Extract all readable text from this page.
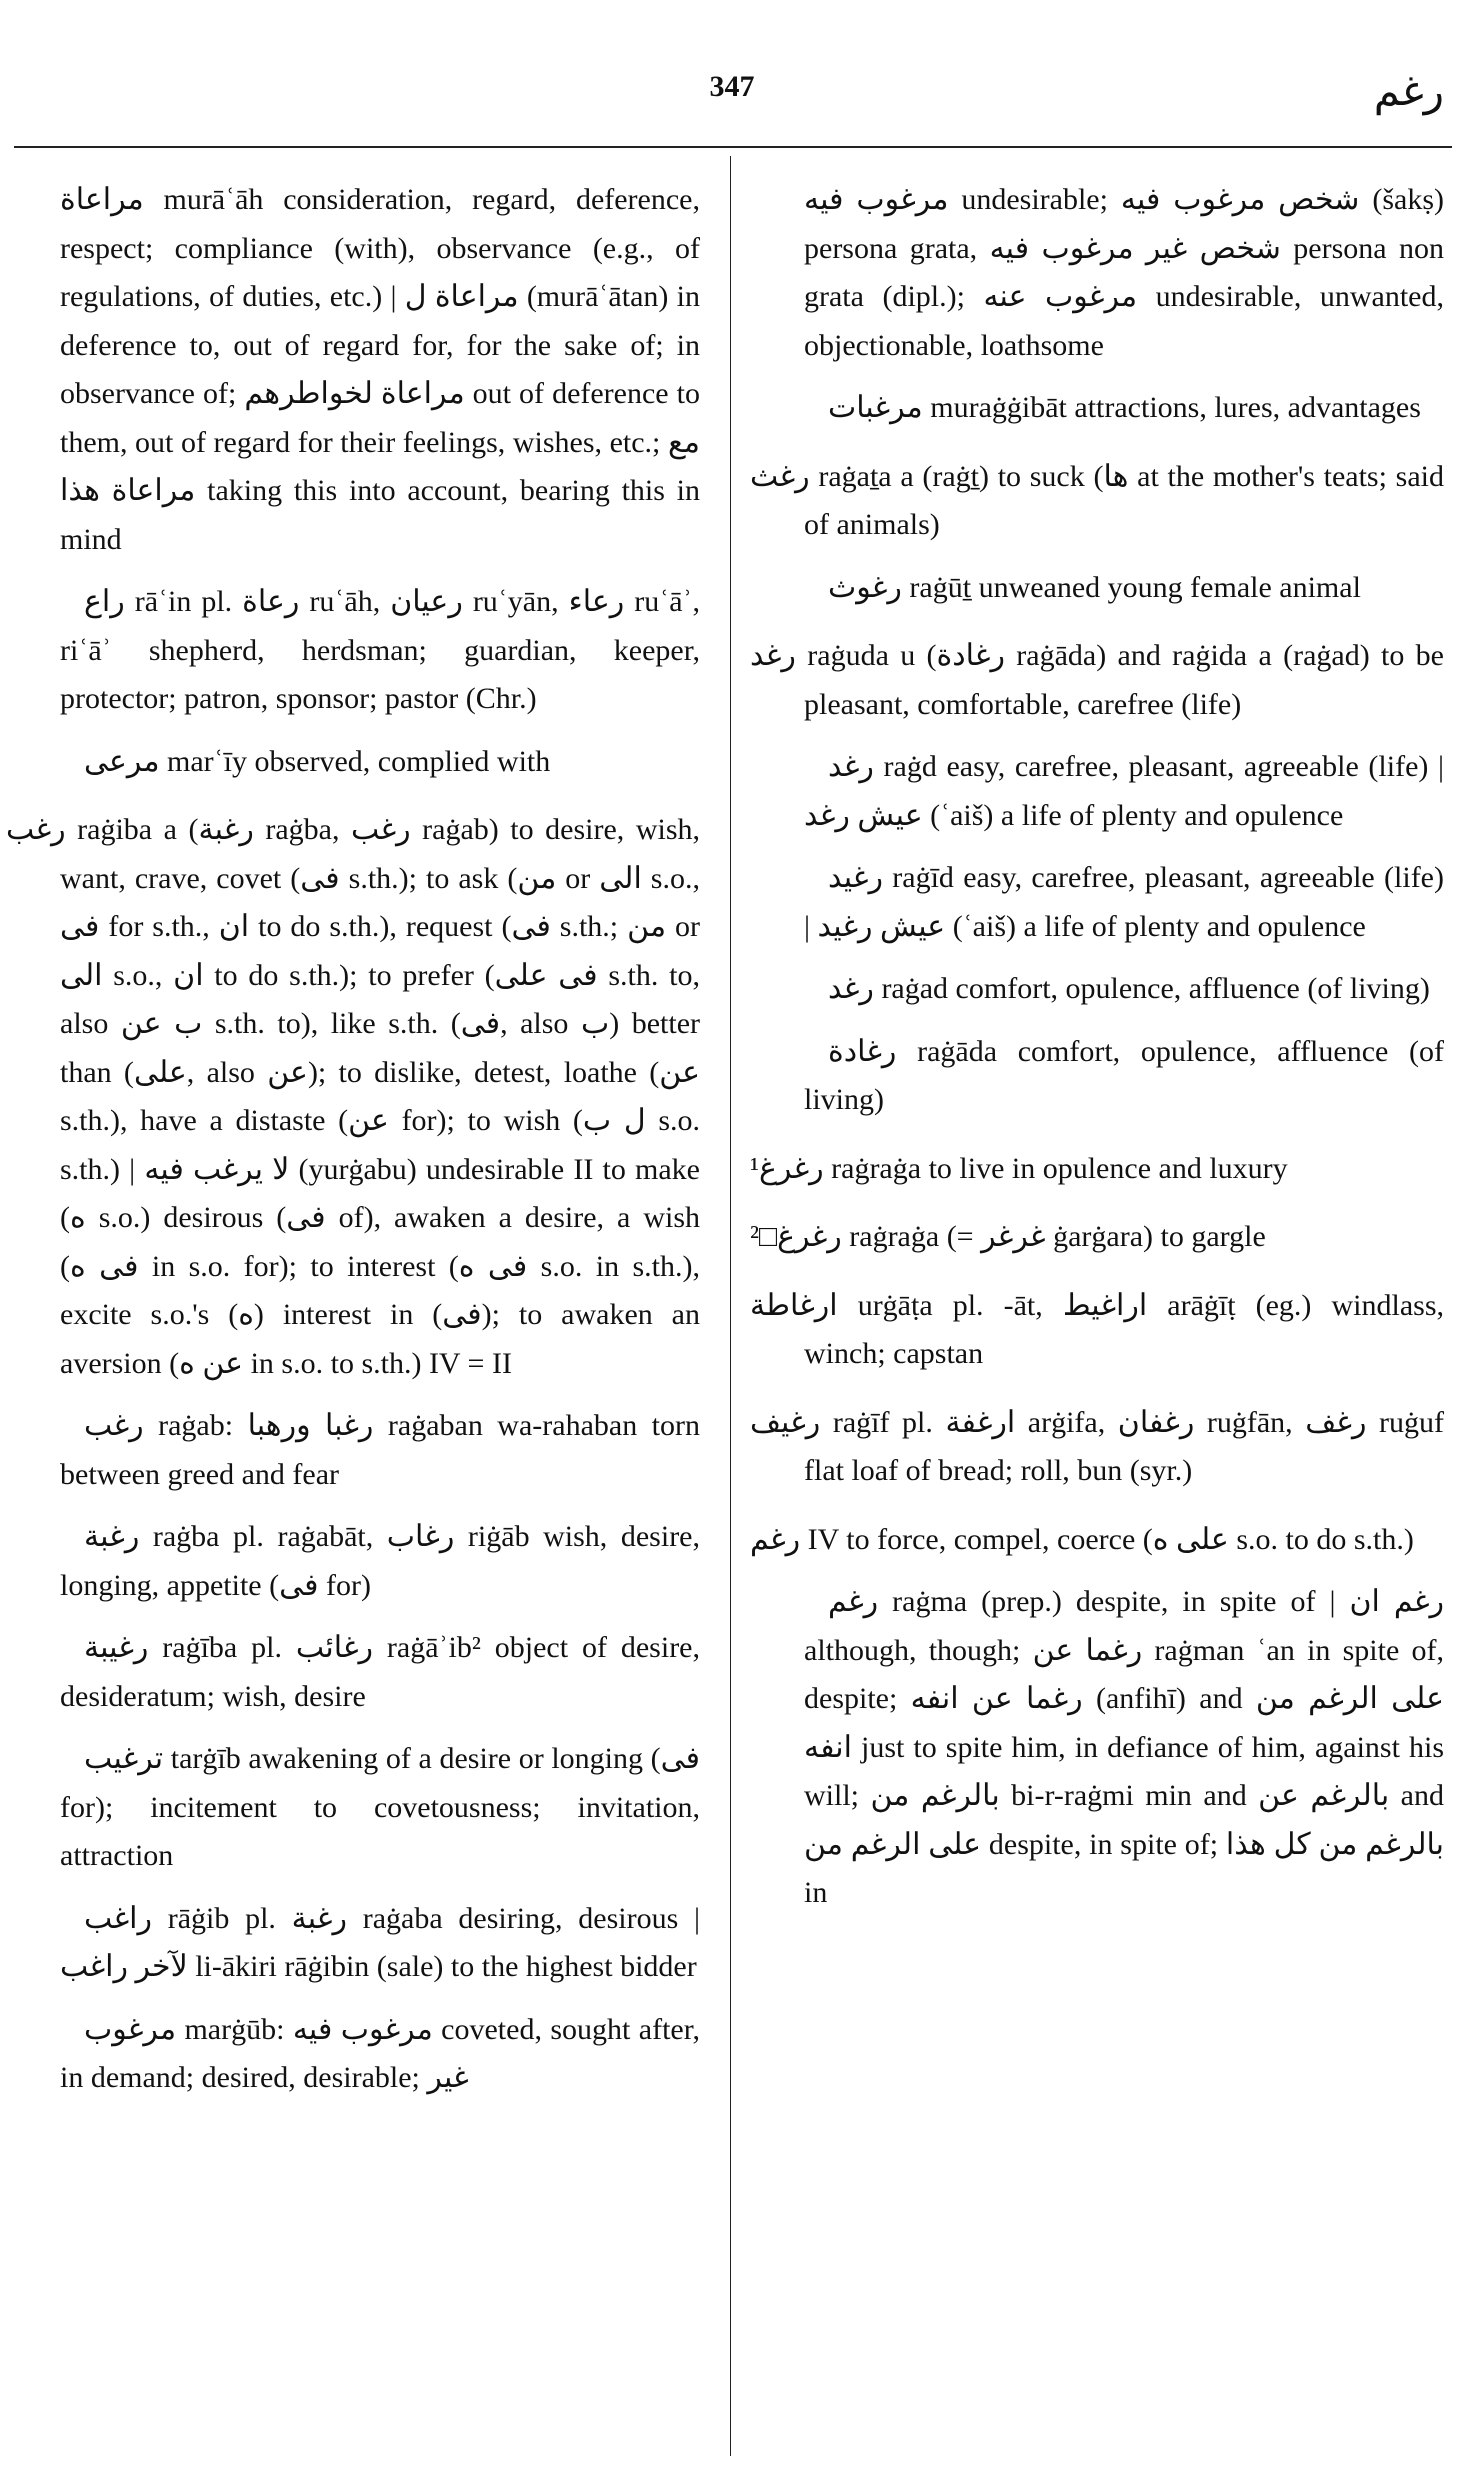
347	رغم

مراعاة murāʿāh consideration, regard, deference, respect; compliance (with), observance (e.g., of regulations, of duties, etc.) | مراعاة ل (murāʿātan) in deference to, out of regard for, for the sake of; in observance of; مراعاة لخواطرهم out of deference to them, out of regard for their feelings, wishes, etc.; مع مراعاة هذا taking this into account, bearing this in mind

راع rāʿin pl. رعاة ruʿāh, رعيان ruʿyān, رعاء ruʿāʾ, riʿāʾ shepherd, herdsman; guardian, keeper, protector; patron, sponsor; pastor (Chr.)

مرعى marʿīy observed, complied with

رغب raġiba a (رغبة raġba, رغب raġab) to desire, wish, want, crave, covet (فى s.th.); to ask (من or الى s.o., فى for s.th., ان to do s.th.), request (فى s.th.; من or الى s.o., ان to do s.th.); to prefer (فى على s.th. to, also ب عن s.th. to), like s.th. (فى, also ب) better than (على, also عن); to dislike, detest, loathe (عن s.th.), have a distaste (عن for); to wish (ل ب s.o. s.th.) | لا يرغب فيه (yurġabu) undesirable II to make (ه s.o.) desirous (فى of), awaken a desire, a wish (فى ه in s.o. for); to interest (فى ه s.o. in s.th.), excite s.o.'s (ه) interest in (فى); to awaken an aversion (عن ه in s.o. to s.th.) IV = II

رغب raġab: رغبا ورهبا raġaban wa-rahaban torn between greed and fear

رغبة raġba pl. raġabāt, رغاب riġāb wish, desire, longing, appetite (فى for)

رغيبة raġība pl. رغائب raġāʾib² object of desire, desideratum; wish, desire

ترغيب tarġīb awakening of a desire or longing (فى for); incitement to covetousness; invitation, attraction

راغب rāġib pl. رغبة raġaba desiring, desirous | لآخر راغب li-ākiri rāġibin (sale) to the highest bidder

مرغوب marġūb: مرغوب فيه coveted, sought after, in demand; desired, desirable; غير

مرغوب فيه undesirable; شخص مرغوب فيه (šakṣ) persona grata, شخص غير مرغوب فيه persona non grata (dipl.); مرغوب عنه undesirable, unwanted, objectionable, loathsome

مرغبات muraġġibāt attractions, lures, advantages

رغث raġaṯa a (raġṯ) to suck (ها at the mother's teats; said of animals)

رغوث raġūṯ unweaned young female animal

رغد raġuda u (رغادة raġāda) and raġida a (raġad) to be pleasant, comfortable, carefree (life)

رغد raġd easy, carefree, pleasant, agreeable (life) | عيش رغد (ʿaiš) a life of plenty and opulence

رغيد raġīd easy, carefree, pleasant, agreeable (life) | عيش رغيد (ʿaiš) a life of plenty and opulence

رغد raġad comfort, opulence, affluence (of living)

رغادة raġāda comfort, opulence, affluence (of living)

¹رغرغ raġraġa to live in opulence and luxury

²□رغرغ raġraġa (= غرغر ġarġara) to gargle

ارغاطة urġāṭa pl. -āt, اراغيط arāġīṭ (eg.) windlass, winch; capstan

رغيف raġīf pl. ارغفة arġifa, رغفان ruġfān, رغف ruġuf flat loaf of bread; roll, bun (syr.)

رغم IV to force, compel, coerce (على ه s.o. to do s.th.)

رغم raġma (prep.) despite, in spite of | رغم ان although, though; رغما عن raġman ʿan in spite of, despite; رغما عن انفه (anfihī) and على الرغم من انفه just to spite him, in defiance of him, against his will; بالرغم من bi-r-raġmi min and بالرغم عن and على الرغم من despite, in spite of; بالرغم من كل هذا in
